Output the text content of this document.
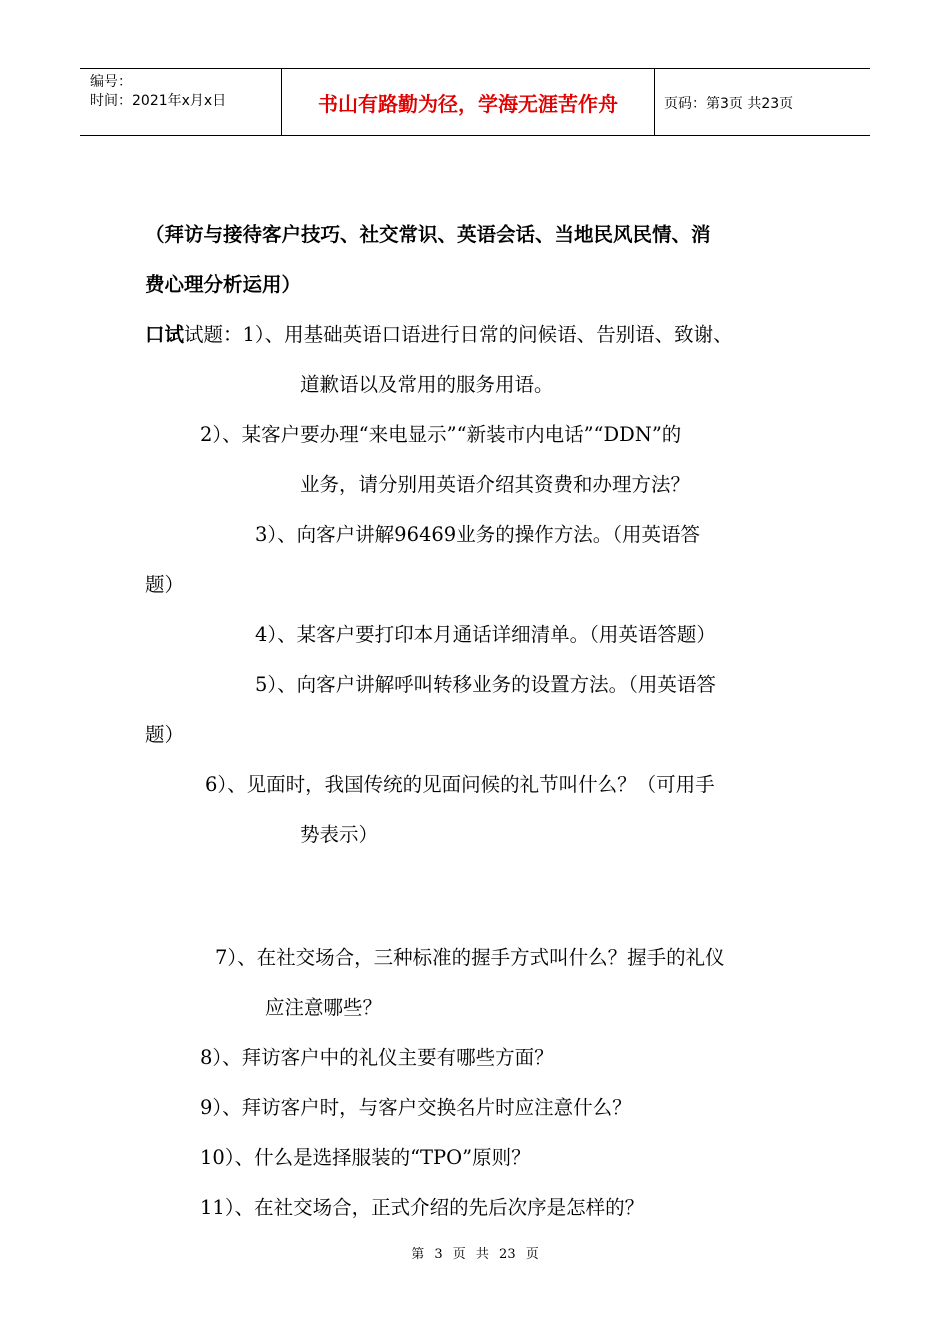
编号：
时间：2021年x月x日	书山有路勤为径，学海无涯苦作舟	页码：第3页 共23页
（拜访与接待客户技巧、社交常识、英语会话、当地民风民情、消
费心理分析运用）
口试试题：1）、用基础英语口语进行日常的问候语、告别语、致谢、
道歉语以及常用的服务用语。
2）、某客户要办理“来电显示”“新装市内电话”“DDN”的
业务，请分别用英语介绍其资费和办理方法？
3）、向客户讲解96469业务的操作方法。（用英语答
题）
4）、某客户要打印本月通话详细清单。（用英语答题）
5）、向客户讲解呼叫转移业务的设置方法。（用英语答
题）
6）、见面时，我国传统的见面问候的礼节叫什么？（可用手
势表示）
7）、在社交场合，三种标准的握手方式叫什么？握手的礼仪
应注意哪些？
8）、拜访客户中的礼仪主要有哪些方面？
9）、拜访客户时，与客户交换名片时应注意什么？
10）、什么是选择服装的“TPO”原则？
11）、在社交场合，正式介绍的先后次序是怎样的？
第 3 页 共 23 页
